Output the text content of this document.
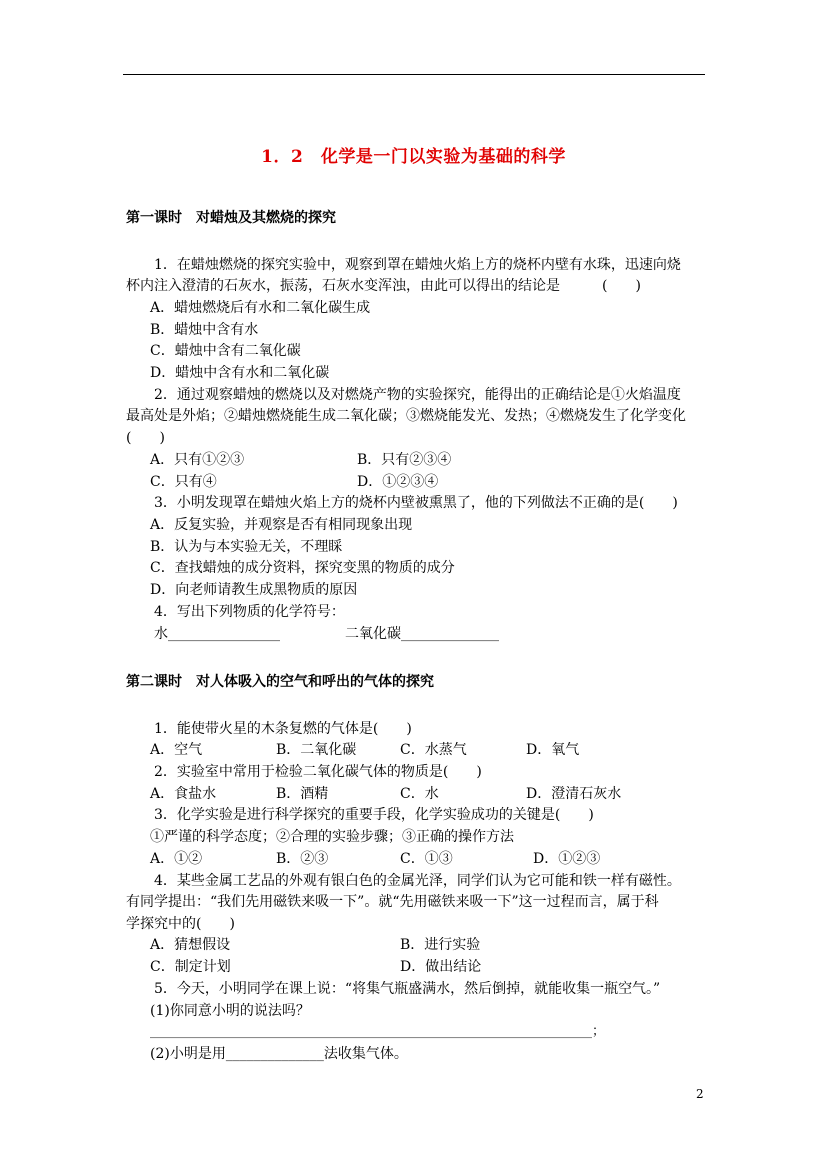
1．2　化学是一门以实验为基础的科学
第一课时　对蜡烛及其燃烧的探究
1．在蜡烛燃烧的探究实验中，观察到罩在蜡烛火焰上方的烧杯内壁有水珠，迅速向烧
杯内注入澄清的石灰水，振荡，石灰水变浑浊，由此可以得出的结论是　　　(　　)
A．蜡烛燃烧后有水和二氧化碳生成
B．蜡烛中含有水
C．蜡烛中含有二氧化碳
D．蜡烛中含有水和二氧化碳
2．通过观察蜡烛的燃烧以及对燃烧产物的实验探究，能得出的正确结论是①火焰温度
最高处是外焰；②蜡烛燃烧能生成二氧化碳；③燃烧能发光、发热；④燃烧发生了化学变化
(　　)
A．只有①②③	B．只有②③④
C．只有④	D．①②③④
3．小明发现罩在蜡烛火焰上方的烧杯内壁被熏黑了，他的下列做法不正确的是(　　)
A．反复实验，并观察是否有相同现象出现
B．认为与本实验无关，不理睬
C．查找蜡烛的成分资料，探究变黑的物质的成分
D．向老师请教生成黑物质的原因
4．写出下列物质的化学符号：
水________________	二氧化碳______________
第二课时　对人体吸入的空气和呼出的气体的探究
1．能使带火星的木条复燃的气体是(　　)
A．空气	B．二氧化碳	C．水蒸气	D．氧气
2．实验室中常用于检验二氧化碳气体的物质是(　　)
A．食盐水	B．酒精	C．水	D．澄清石灰水
3．化学实验是进行科学探究的重要手段，化学实验成功的关键是(　　)
①严谨的科学态度；②合理的实验步骤；③正确的操作方法
A．①②	B．②③	C．①③	D．①②③
4．某些金属工艺品的外观有银白色的金属光泽，同学们认为它可能和铁一样有磁性。
有同学提出：“我们先用磁铁来吸一下”。就“先用磁铁来吸一下”这一过程而言，属于科
学探究中的(　　)
A．猜想假设	B．进行实验
C．制定计划	D．做出结论
5．今天，小明同学在课上说：“将集气瓶盛满水，然后倒掉，就能收集一瓶空气。”
(1)你同意小明的说法吗？
____________________________________________________________________；
(2)小明是用______________法收集气体。
2
